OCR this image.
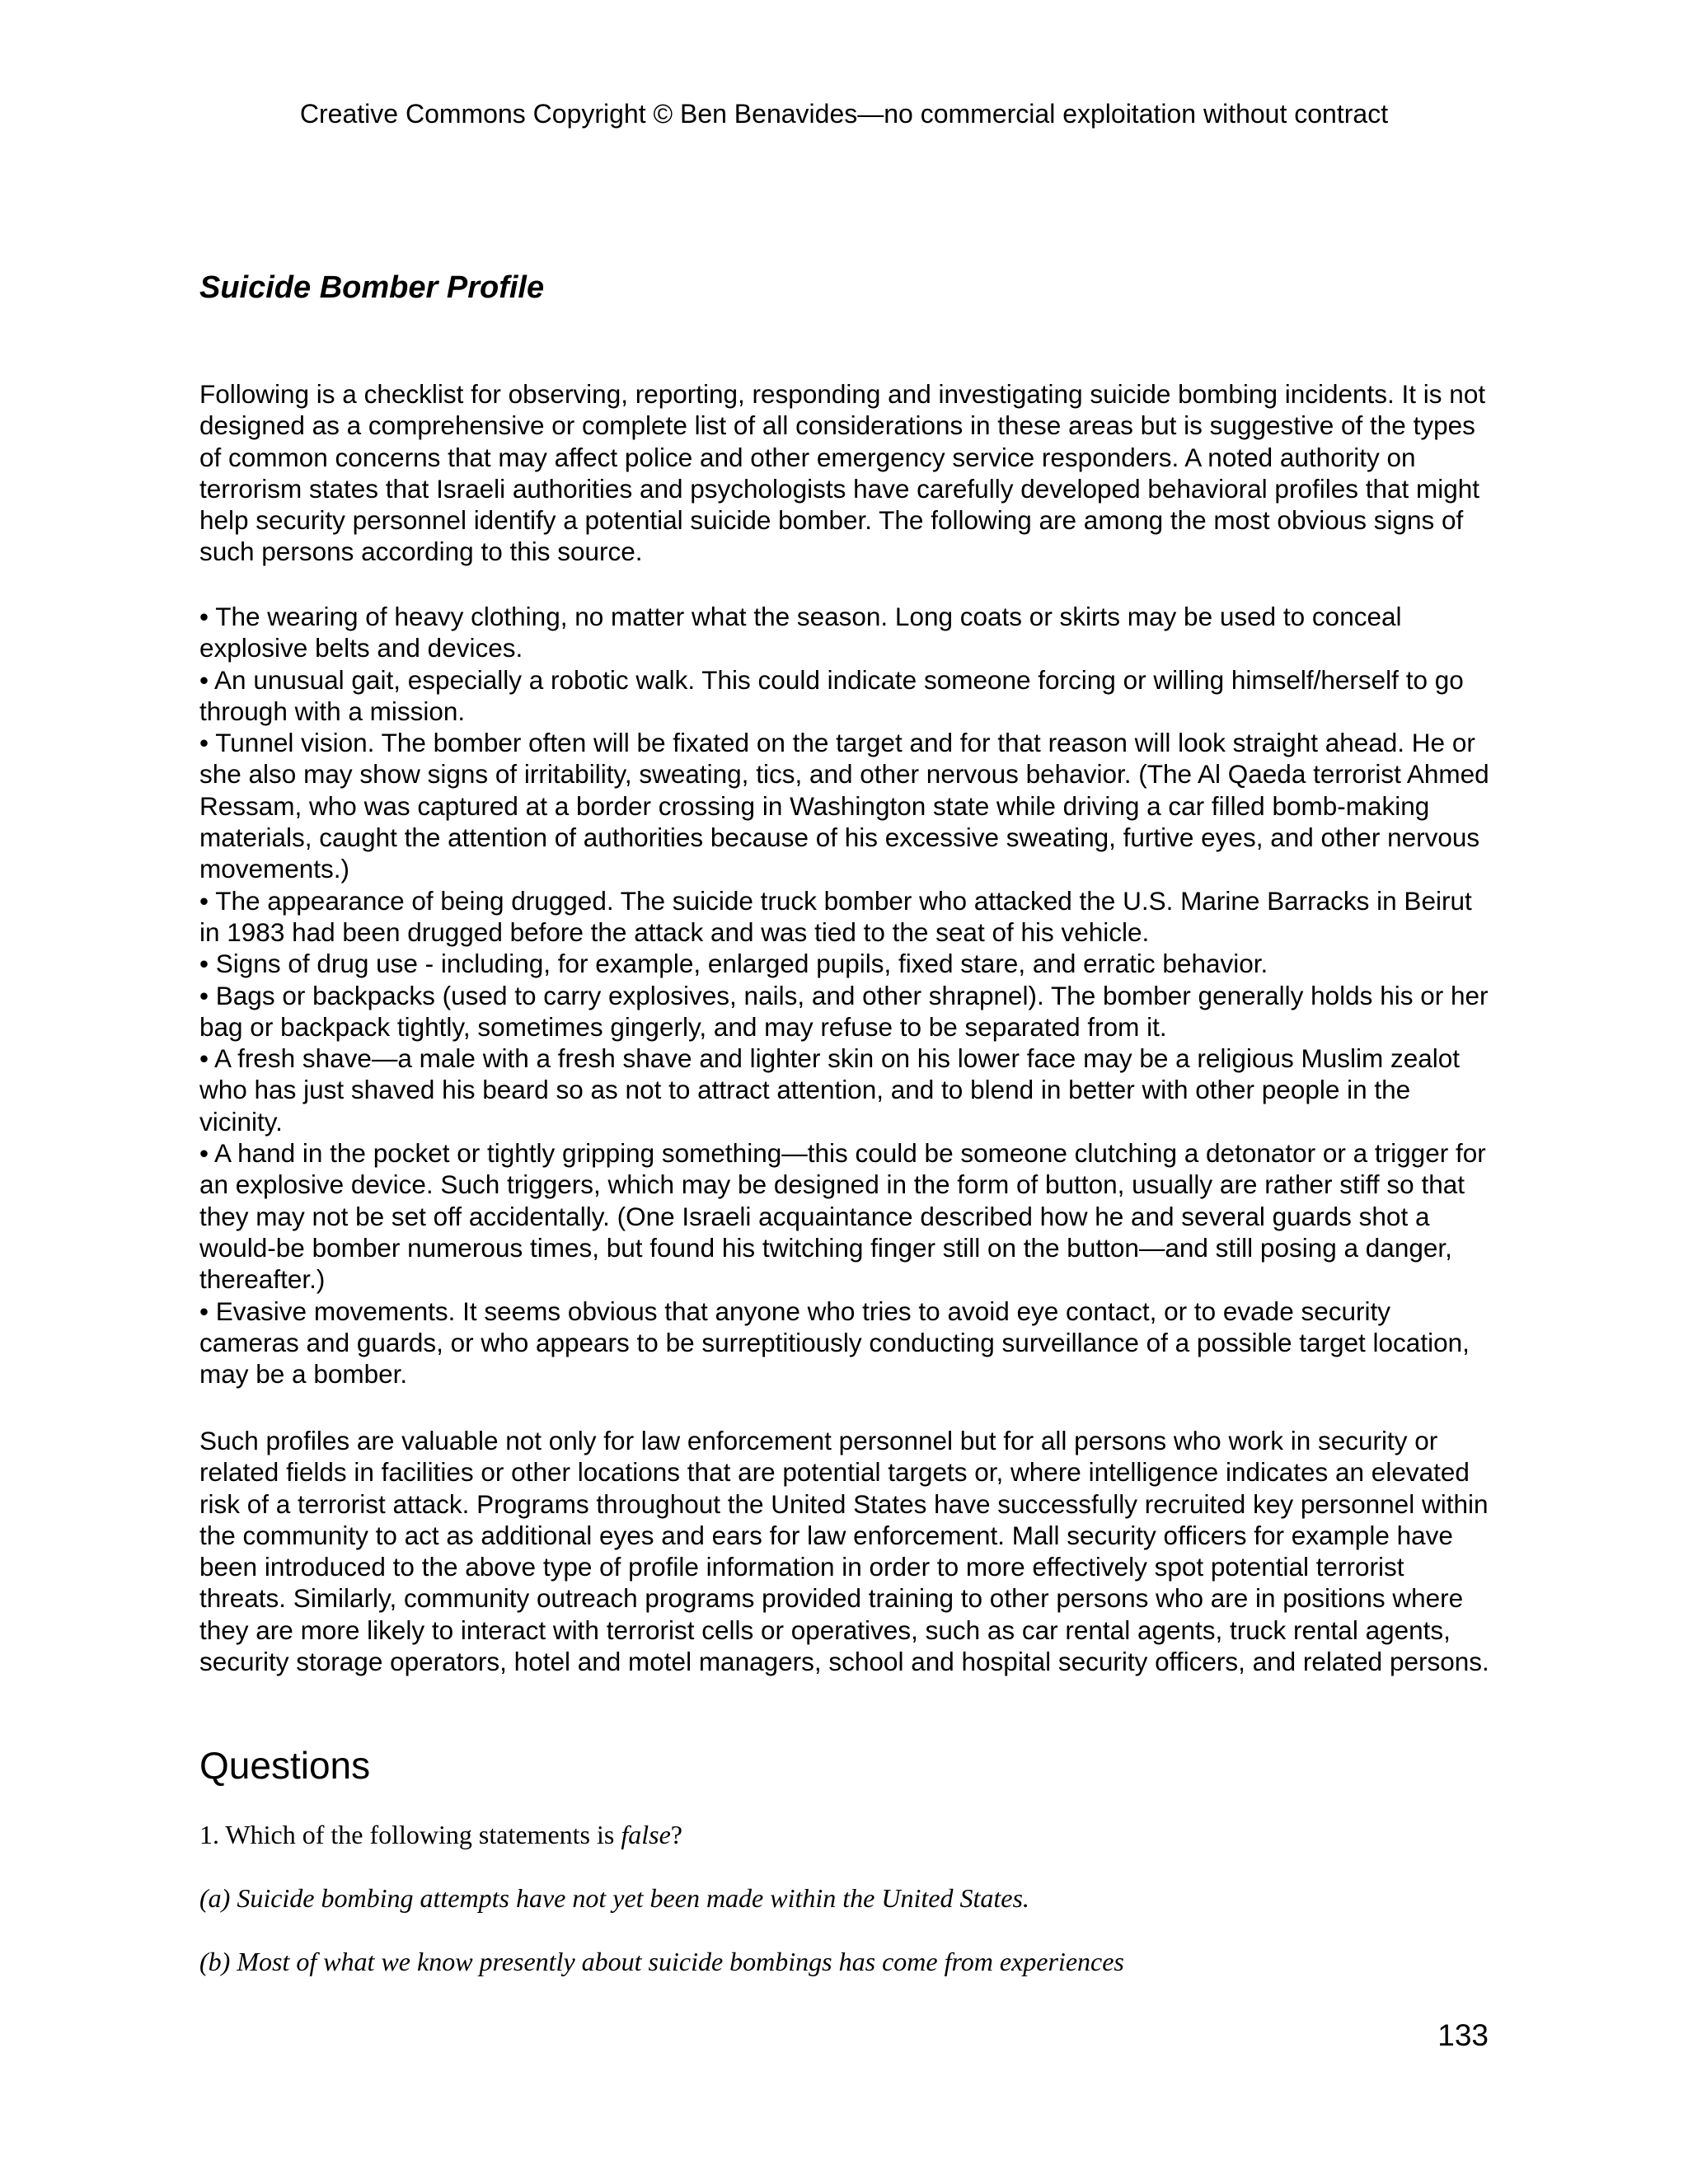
Creative Commons Copyright © Ben Benavides—no commercial exploitation without contract
Suicide Bomber Profile

Following is a checklist for observing, reporting, responding and investigating suicide bombing incidents. It is not designed as a comprehensive or complete list of all considerations in these areas but is suggestive of the types of common concerns that may affect police and other emergency service responders. A noted authority on terrorism states that Israeli authorities and psychologists have carefully developed behavioral profiles that might help security personnel identify a potential suicide bomber. The following are among the most obvious signs of such persons according to this source.

• The wearing of heavy clothing, no matter what the season. Long coats or skirts may be used to conceal explosive belts and devices.

• An unusual gait, especially a robotic walk. This could indicate someone forcing or willing himself/herself to go through with a mission.

• Tunnel vision. The bomber often will be fixated on the target and for that reason will look straight ahead. He or she also may show signs of irritability, sweating, tics, and other nervous behavior. (The Al Qaeda terrorist Ahmed Ressam, who was captured at a border crossing in Washington state while driving a car filled bomb-making materials, caught the attention of authorities because of his excessive sweating, furtive eyes, and other nervous movements.)

• The appearance of being drugged. The suicide truck bomber who attacked the U.S. Marine Barracks in Beirut in 1983 had been drugged before the attack and was tied to the seat of his vehicle.

• Signs of drug use - including, for example, enlarged pupils, fixed stare, and erratic behavior.

• Bags or backpacks (used to carry explosives, nails, and other shrapnel). The bomber generally holds his or her bag or backpack tightly, sometimes gingerly, and may refuse to be separated from it.

• A fresh shave—a male with a fresh shave and lighter skin on his lower face may be a religious Muslim zealot who has just shaved his beard so as not to attract attention, and to blend in better with other people in the vicinity.

• A hand in the pocket or tightly gripping something—this could be someone clutching a detonator or a trigger for an explosive device. Such triggers, which may be designed in the form of button, usually are rather stiff so that they may not be set off accidentally. (One Israeli acquaintance described how he and several guards shot a would-be bomber numerous times, but found his twitching finger still on the button—and still posing a danger, thereafter.)

• Evasive movements. It seems obvious that anyone who tries to avoid eye contact, or to evade security cameras and guards, or who appears to be surreptitiously conducting surveillance of a possible target location, may be a bomber.

Such profiles are valuable not only for law enforcement personnel but for all persons who work in security or related fields in facilities or other locations that are potential targets or, where intelligence indicates an elevated risk of a terrorist attack. Programs throughout the United States have successfully recruited key personnel within the community to act as additional eyes and ears for law enforcement. Mall security officers for example have been introduced to the above type of profile information in order to more effectively spot potential terrorist threats. Similarly, community outreach programs provided training to other persons who are in positions where they are more likely to interact with terrorist cells or operatives, such as car rental agents, truck rental agents, security storage operators, hotel and motel managers, school and hospital security officers, and related persons.

Questions
1. Which of the following statements is false?
(a) Suicide bombing attempts have not yet been made within the United States.
(b) Most of what we know presently about suicide bombings has come from experiences
133
